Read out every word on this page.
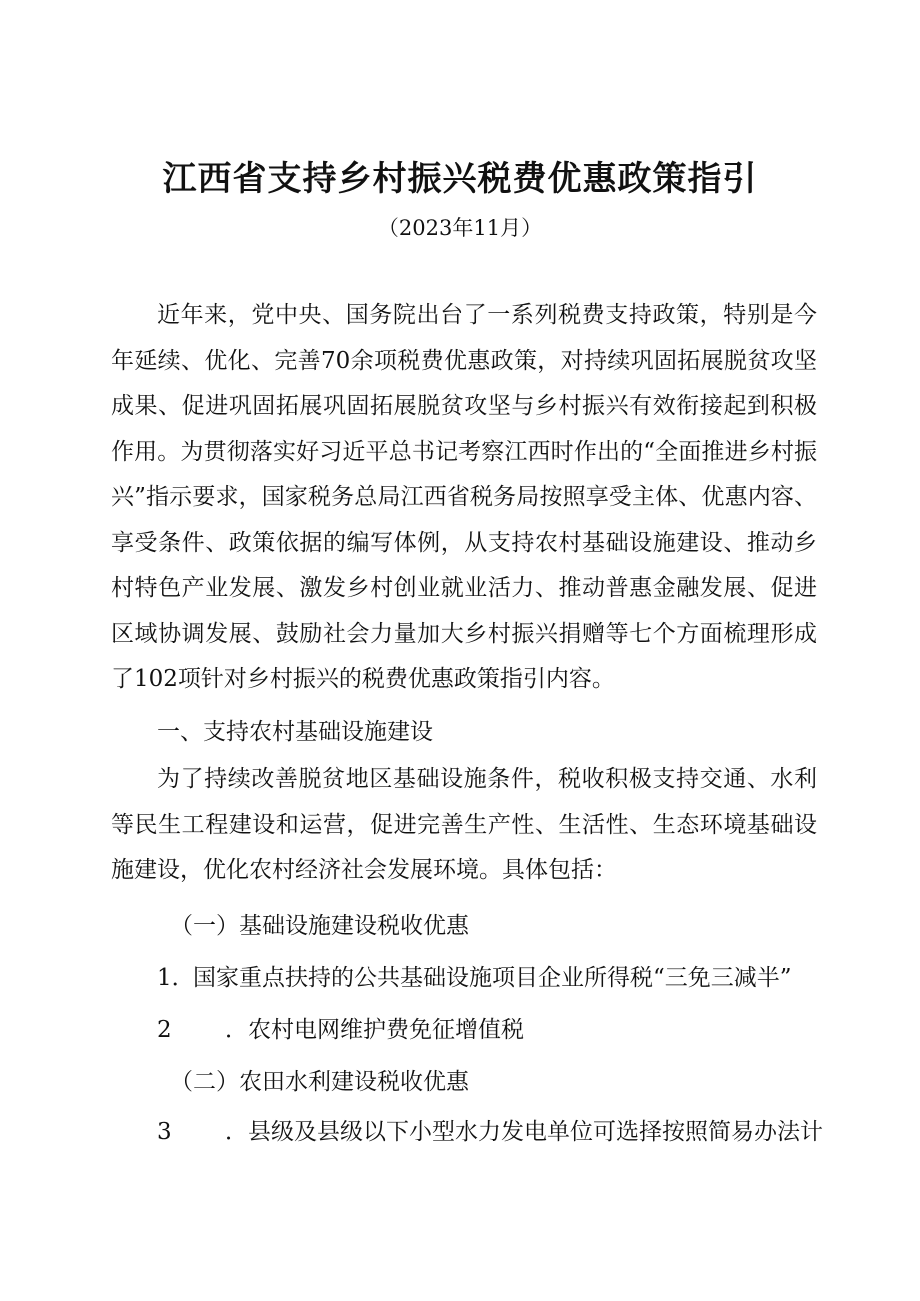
江西省支持乡村振兴税费优惠政策指引
（2023年11月）

近年来，党中央、国务院出台了一系列税费支持政策，特别是今年延续、优化、完善70余项税费优惠政策，对持续巩固拓展脱贫攻坚成果、促进巩固拓展巩固拓展脱贫攻坚与乡村振兴有效衔接起到积极作用。为贯彻落实好习近平总书记考察江西时作出的“全面推进乡村振兴”指示要求，国家税务总局江西省税务局按照享受主体、优惠内容、享受条件、政策依据的编写体例，从支持农村基础设施建设、推动乡村特色产业发展、激发乡村创业就业活力、推动普惠金融发展、促进区域协调发展、鼓励社会力量加大乡村振兴捐赠等七个方面梳理形成了102项针对乡村振兴的税费优惠政策指引内容。

一、支持农村基础设施建设

为了持续改善脱贫地区基础设施条件，税收积极支持交通、水利等民生工程建设和运营，促进完善生产性、生活性、生态环境基础设施建设，优化农村经济社会发展环境。具体包括：

（一）基础设施建设税收优惠

1．国家重点扶持的公共基础设施项目企业所得税“三免三减半”

2 ．农村电网维护费免征增值税

（二）农田水利建设税收优惠

3 ．县级及县级以下小型水力发电单位可选择按照简易办法计
